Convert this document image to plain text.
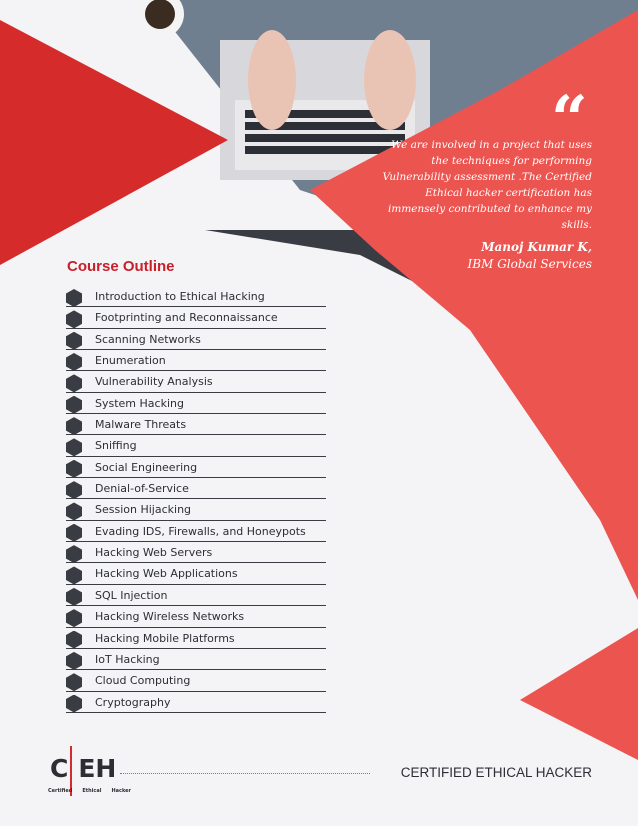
“
We are involved in a project that uses the techniques for performing Vulnerability assessment .The Certified Ethical hacker certification has immensely contributed to enhance my skills.
Manoj Kumar K,
IBM Global Services
Course Outline
Introduction to Ethical Hacking
Footprinting and Reconnaissance
Scanning Networks
Enumeration
Vulnerability Analysis
System Hacking
Malware Threats
Sniffing
Social Engineering
Denial-of-Service
Session Hijacking
Evading IDS, Firewalls, and Honeypots
Hacking Web Servers
Hacking Web Applications
SQL Injection
Hacking Wireless Networks
Hacking Mobile Platforms
IoT Hacking
Cloud Computing
Cryptography
C EH
Certified Ethical Hacker
CERTIFIED ETHICAL HACKER
